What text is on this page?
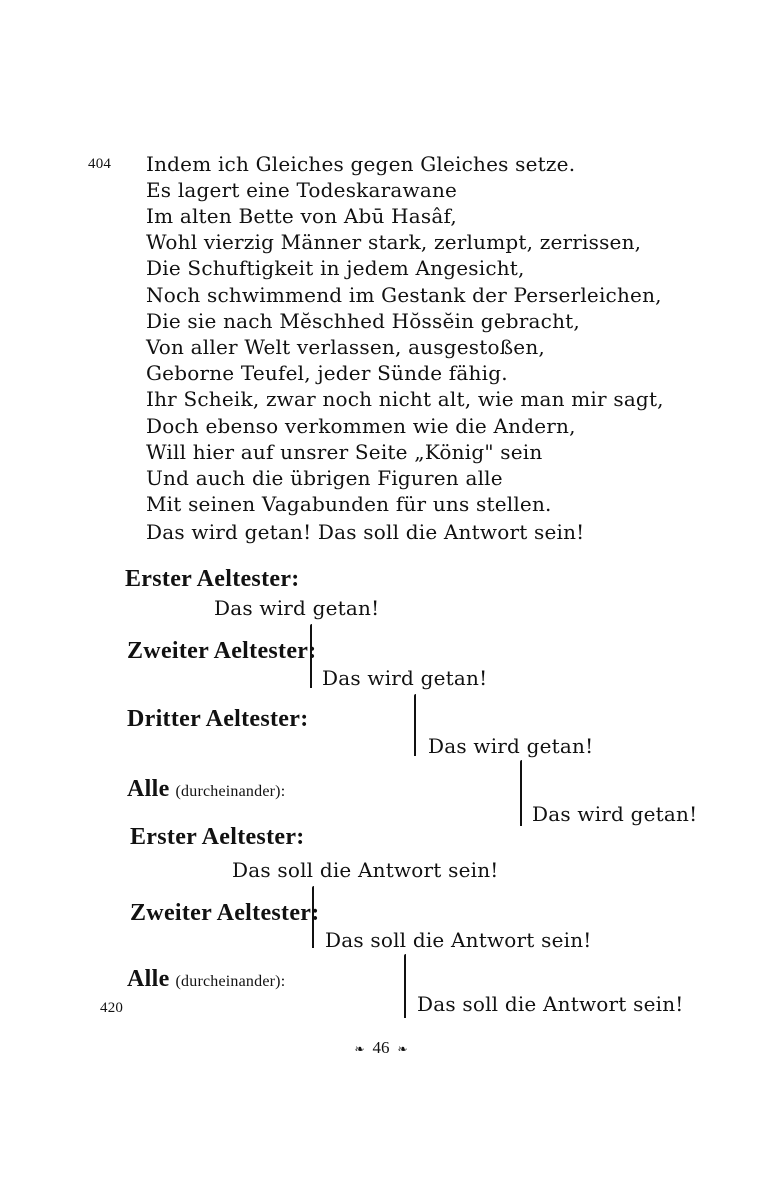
404
420
Indem ich Gleiches gegen Gleiches setze.
Es lagert eine Todeskarawane
Im alten Bette von Abū Hasâf,
Wohl vierzig Männer stark, zerlumpt, zerrissen,
Die Schuftigkeit in jedem Angesicht,
Noch schwimmend im Gestank der Perserleichen,
Die sie nach Mĕschhed Hŏssĕin gebracht,
Von aller Welt verlassen, ausgestoßen,
Geborne Teufel, jeder Sünde fähig.
Ihr Scheik, zwar noch nicht alt, wie man mir sagt,
Doch ebenso verkommen wie die Andern,
Will hier auf unsrer Seite „König" sein
Und auch die übrigen Figuren alle
Mit seinen Vagabunden für uns stellen.
Das wird getan! Das soll die Antwort sein!
Erster Aeltester:
Das wird getan!
Zweiter Aeltester:
Das wird getan!
Dritter Aeltester:
Das wird getan!
Alle (durcheinander):
Das wird getan!
Erster Aeltester:
Das soll die Antwort sein!
Zweiter Aeltester:
Das soll die Antwort sein!
Alle (durcheinander):
Das soll die Antwort sein!
❧ 46 ❧
